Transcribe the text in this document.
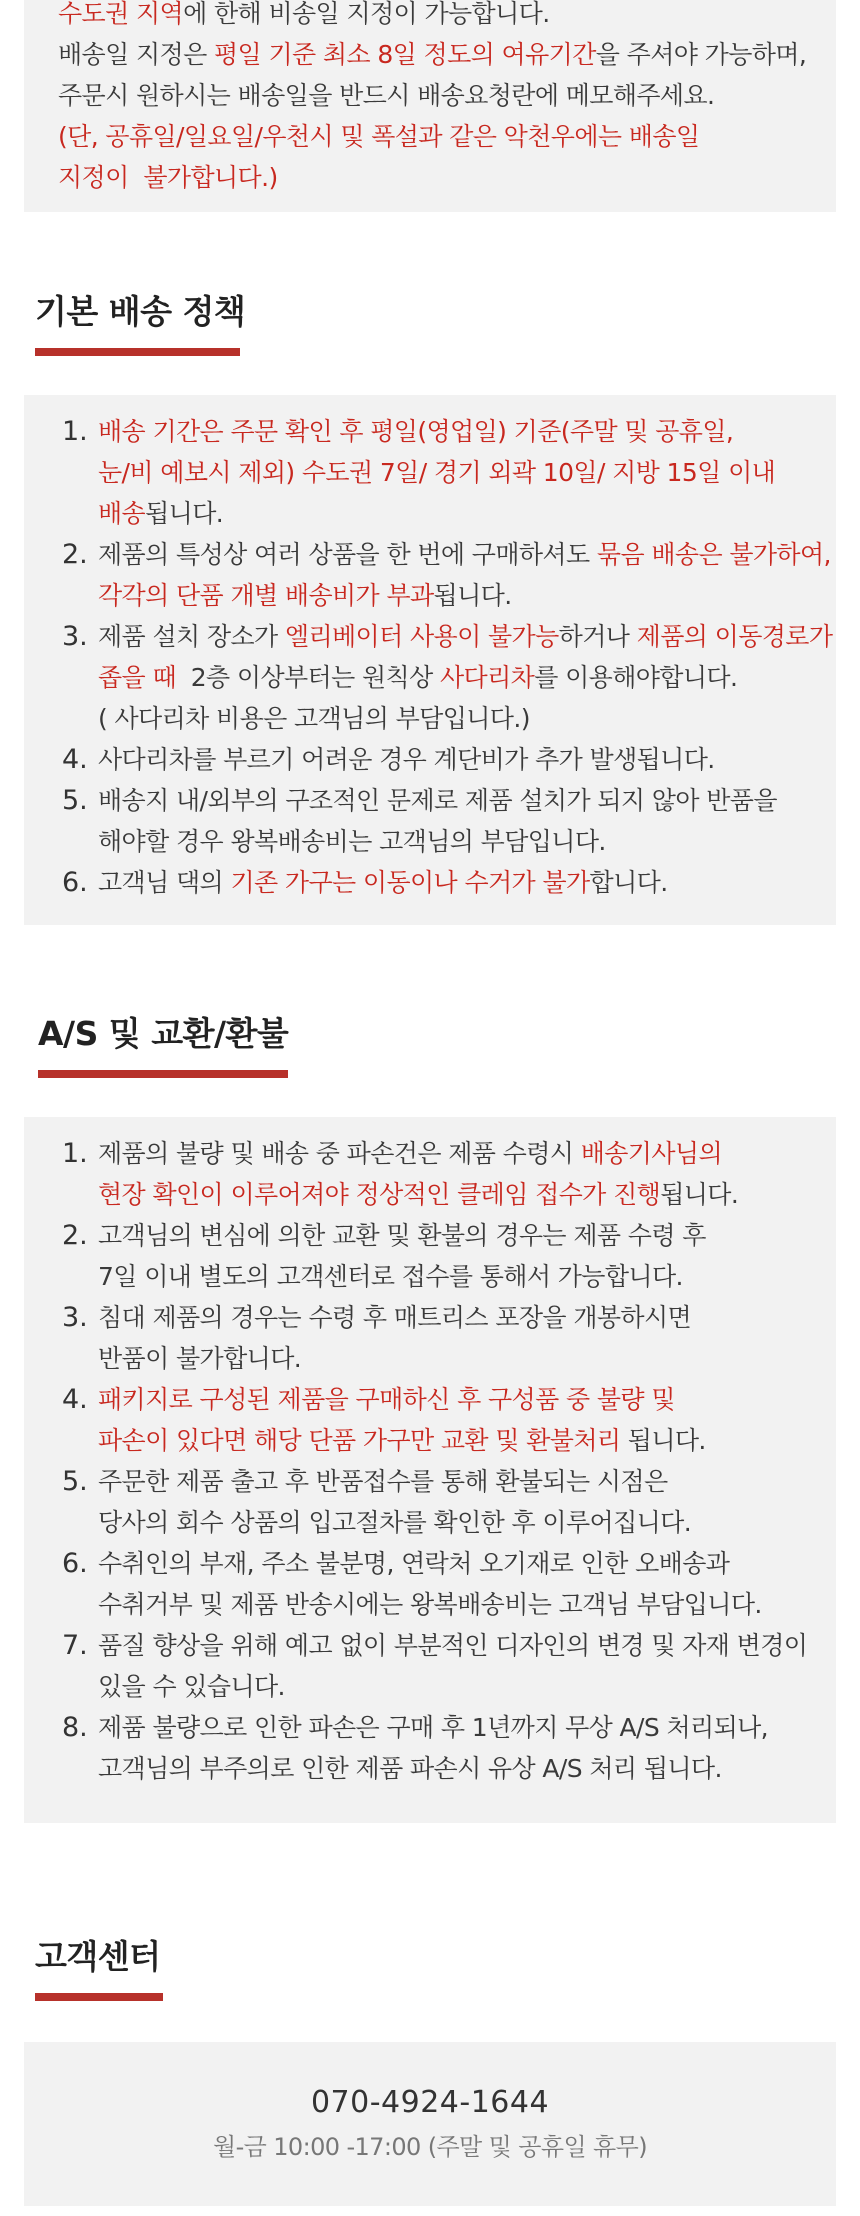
수도권 지역에 한해 비송일 지정이 가능합니다.
배송일 지정은 평일 기준 최소 8일 정도의 여유기간을 주셔야 가능하며,
주문시 원하시는 배송일을 반드시 배송요청란에 메모해주세요.
(단, 공휴일/일요일/우천시 및 폭설과 같은 악천우에는 배송일
지정이  불가합니다.)
기본 배송 정책
1. 배송 기간은 주문 확인 후 평일(영업일) 기준(주말 및 공휴일,
눈/비 예보시 제외) 수도권 7일/ 경기 외곽 10일/ 지방 15일 이내
배송됩니다.
2. 제품의 특성상 여러 상품을 한 번에 구매하셔도 묶음 배송은 불가하여,
각각의 단품 개별 배송비가 부과됩니다.
3. 제품 설치 장소가 엘리베이터 사용이 불가능하거나 제품의 이동경로가
좁을 때  2층 이상부터는 원칙상 사다리차를 이용해야합니다.
( 사다리차 비용은 고객님의 부담입니다.)
4. 사다리차를 부르기 어려운 경우 계단비가 추가 발생됩니다.
5. 배송지 내/외부의 구조적인 문제로 제품 설치가 되지 않아 반품을
해야할 경우 왕복배송비는 고객님의 부담입니다.
6. 고객님 댁의 기존 가구는 이동이나 수거가 불가합니다.
A/S 및 교환/환불
1. 제품의 불량 및 배송 중 파손건은 제품 수령시 배송기사님의
현장 확인이 이루어져야 정상적인 클레임 접수가 진행됩니다.
2. 고객님의 변심에 의한 교환 및 환불의 경우는 제품 수령 후
7일 이내 별도의 고객센터로 접수를 통해서 가능합니다.
3. 침대 제품의 경우는 수령 후 매트리스 포장을 개봉하시면
반품이 불가합니다.
4. 패키지로 구성된 제품을 구매하신 후 구성품 중 불량 및
파손이 있다면 해당 단품 가구만 교환 및 환불처리 됩니다.
5. 주문한 제품 출고 후 반품접수를 통해 환불되는 시점은
당사의 회수 상품의 입고절차를 확인한 후 이루어집니다.
6. 수취인의 부재, 주소 불분명, 연락처 오기재로 인한 오배송과
수취거부 및 제품 반송시에는 왕복배송비는 고객님 부담입니다.
7. 품질 향상을 위해 예고 없이 부분적인 디자인의 변경 및 자재 변경이
있을 수 있습니다.
8. 제품 불량으로 인한 파손은 구매 후 1년까지 무상 A/S 처리되나,
고객님의 부주의로 인한 제품 파손시 유상 A/S 처리 됩니다.
고객센터
070-4924-1644
월-금 10:00 -17:00 (주말 및 공휴일 휴무)
